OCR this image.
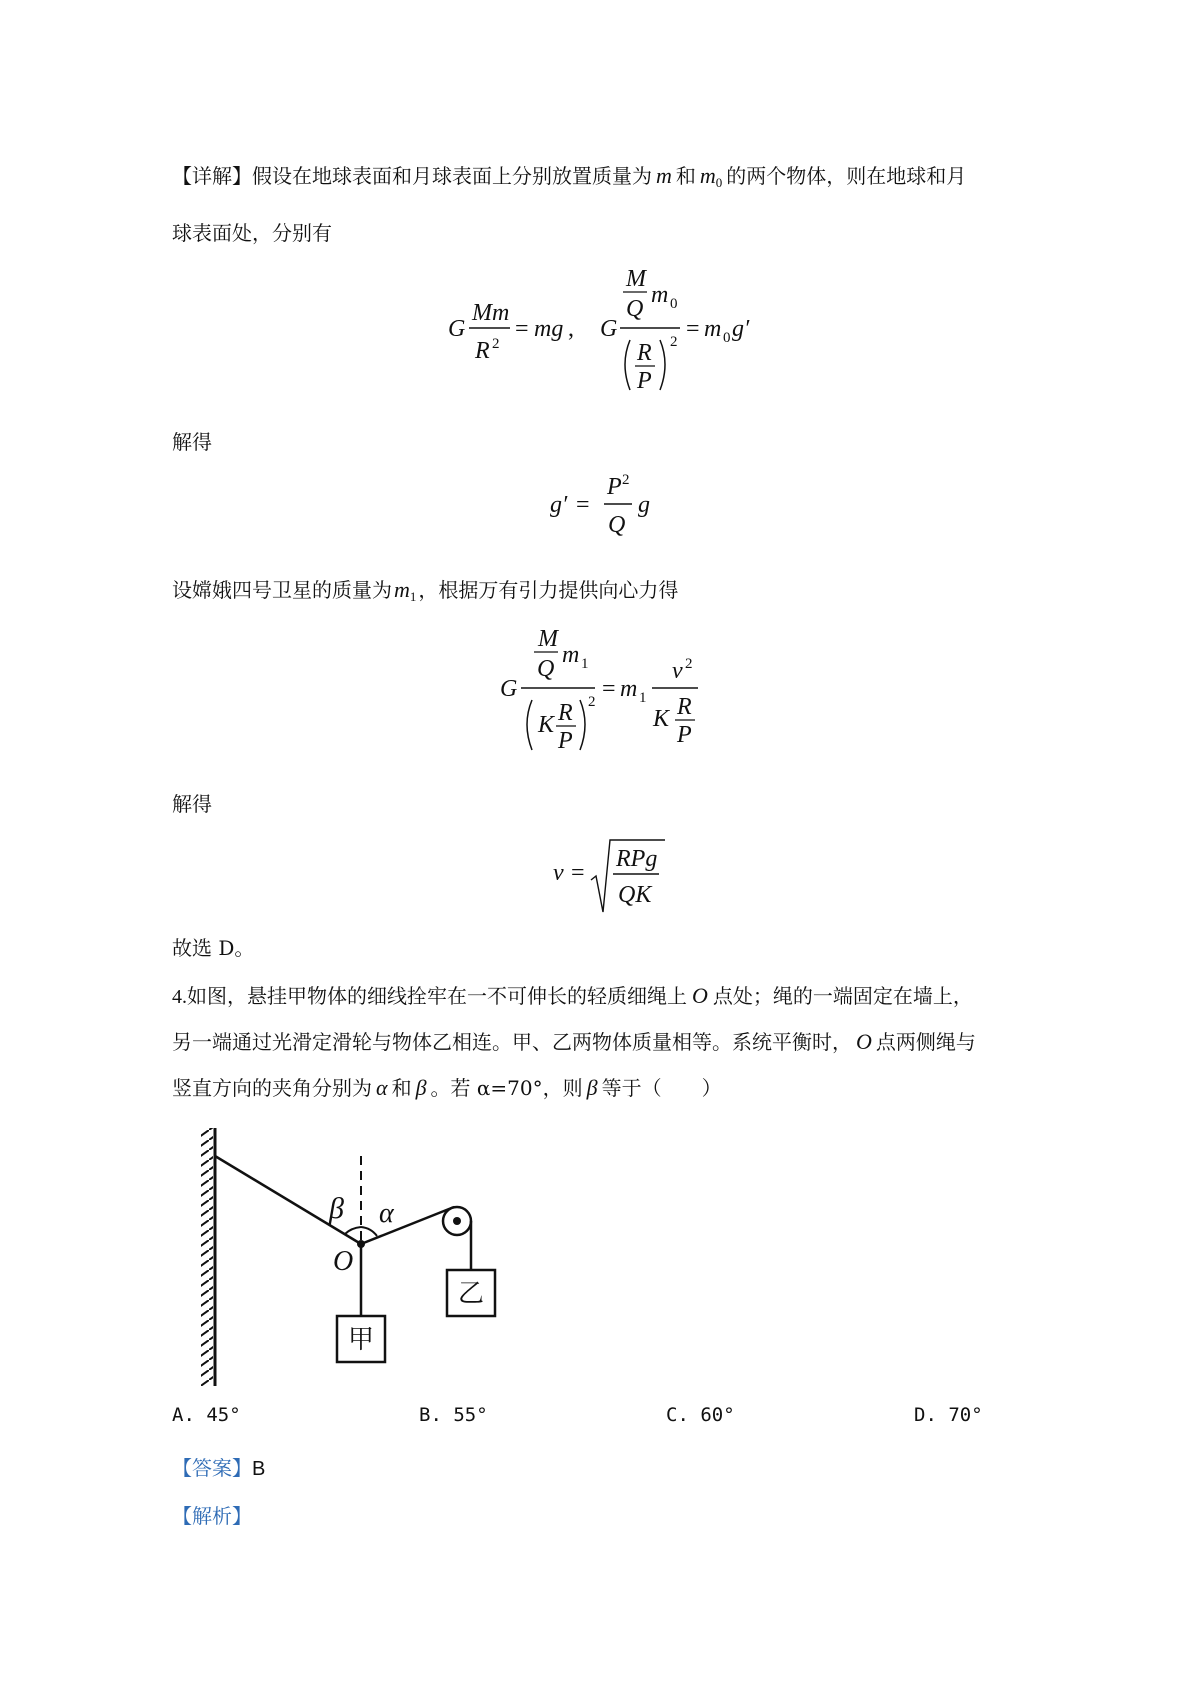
【详解】假设在地球表面和月球表面上分别放置质量为 m 和 $m_0$ 的两个物体，则在地球和月
球表面处，分别有
G
Mm
R 2
= mg , G
M
Q
m 0
R
P
2 = m 0 g′
解得
g′ =
P 2
Q
g
设嫦娥四号卫星的质量为$m_1$ ，根据万有引力提供向心力得
G
M
Q
m 1
K R
P
2 = m 1
v 2
K R
P
解得
v =
RPg
QK
故选 D。
4.如图，悬挂甲物体的细线拴牢在一不可伸长的轻质细绳上 O 点处；绳的一端固定在墙上，
另一端通过光滑定滑轮与物体乙相连。甲、乙两物体质量相等。系统平衡时， O 点两侧绳与
竖直方向的夹角分别为 α 和 β 。若 α=70°，则 β 等于（　　）
甲
乙
β α
O
A. 45°	B. 55°	C. 60°	D. 70°
【答案】B
【解析】
